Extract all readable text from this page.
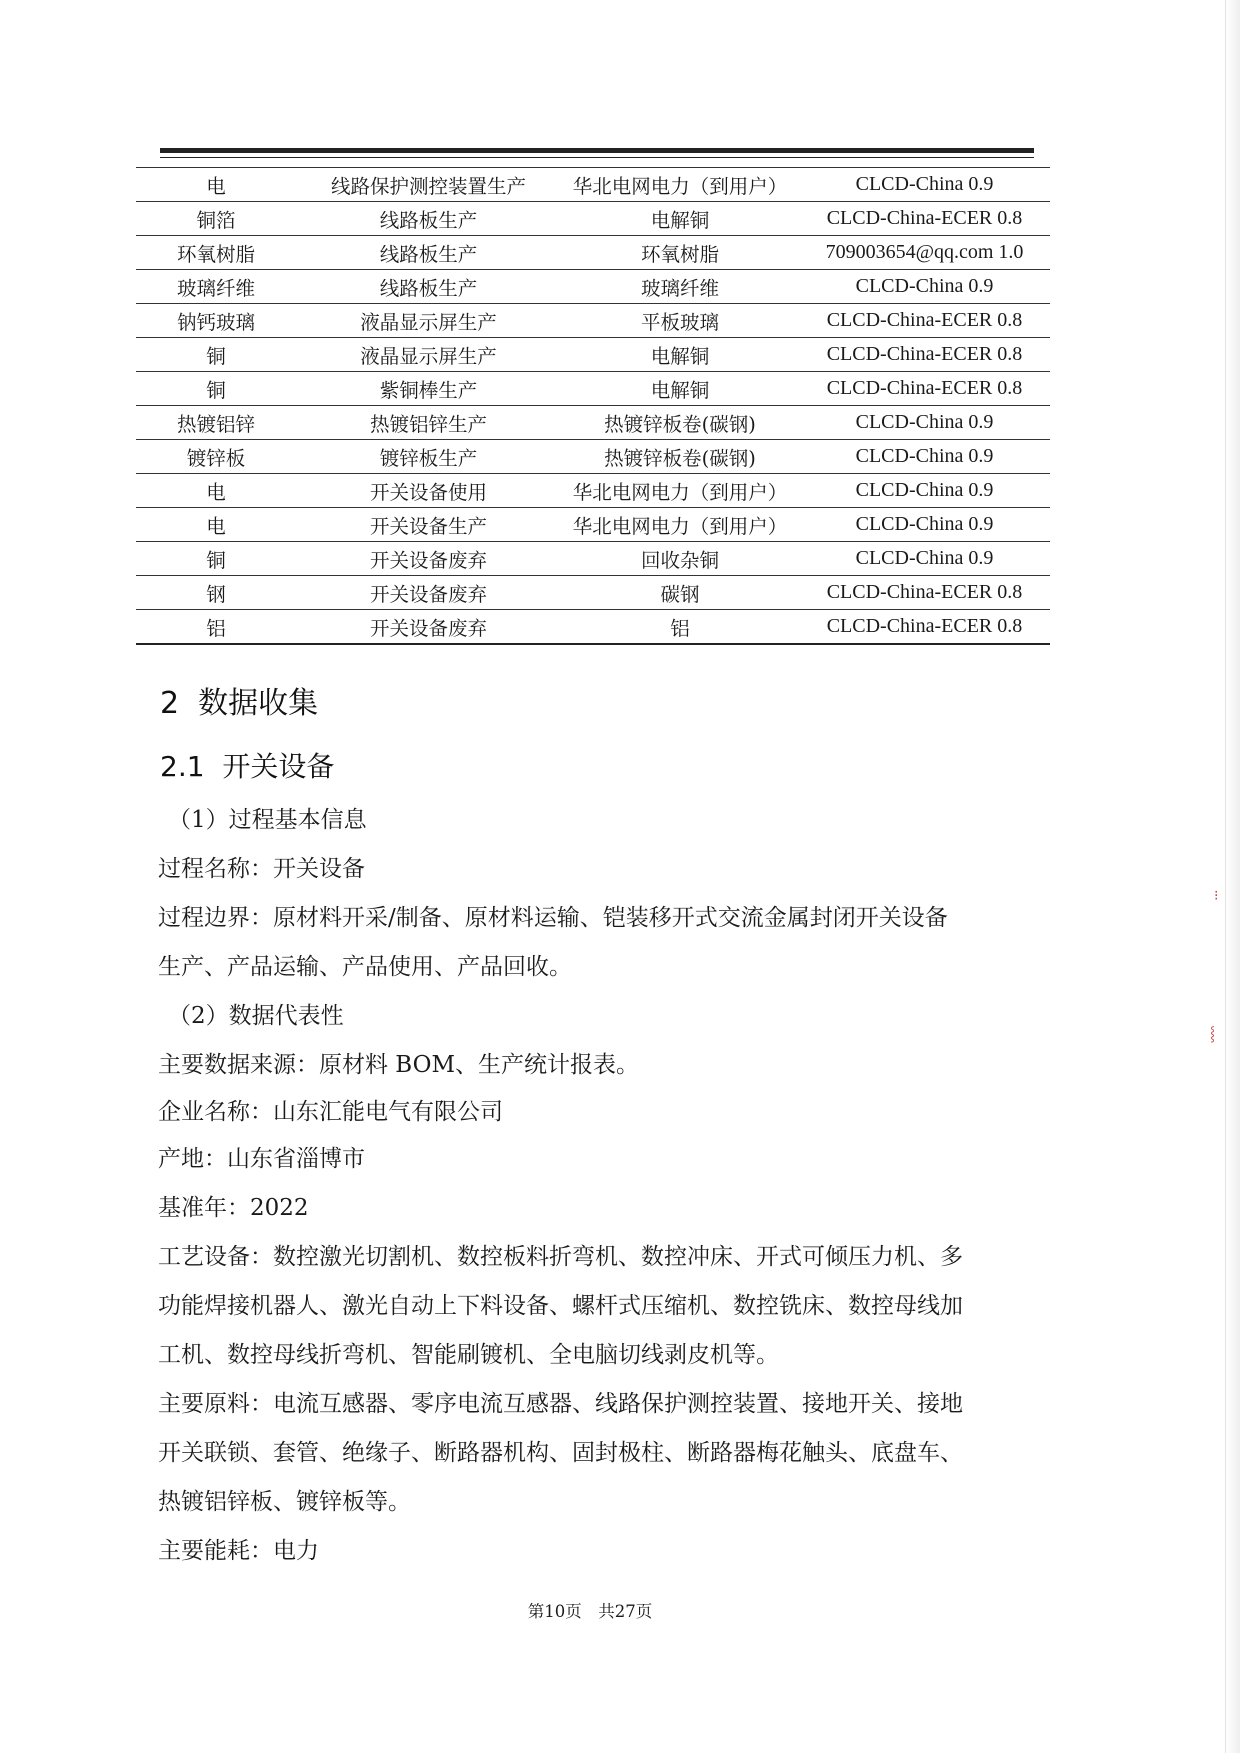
电	线路保护测控装置生产	华北电网电力（到用户）	CLCD-China 0.9
铜箔	线路板生产	电解铜	CLCD-China-ECER 0.8
环氧树脂	线路板生产	环氧树脂	709003654@qq.com 1.0
玻璃纤维	线路板生产	玻璃纤维	CLCD-China 0.9
钠钙玻璃	液晶显示屏生产	平板玻璃	CLCD-China-ECER 0.8
铜	液晶显示屏生产	电解铜	CLCD-China-ECER 0.8
铜	紫铜棒生产	电解铜	CLCD-China-ECER 0.8
热镀铝锌	热镀铝锌生产	热镀锌板卷(碳钢)	CLCD-China 0.9
镀锌板	镀锌板生产	热镀锌板卷(碳钢)	CLCD-China 0.9
电	开关设备使用	华北电网电力（到用户）	CLCD-China 0.9
电	开关设备生产	华北电网电力（到用户）	CLCD-China 0.9
铜	开关设备废弃	回收杂铜	CLCD-China 0.9
钢	开关设备废弃	碳钢	CLCD-China-ECER 0.8
铝	开关设备废弃	铝	CLCD-China-ECER 0.8
2 数据收集
2.1 开关设备
（1）过程基本信息
过程名称：开关设备
过程边界：原材料开采/制备、原材料运输、铠装移开式交流金属封闭开关设备
生产、产品运输、产品使用、产品回收。
（2）数据代表性
主要数据来源：原材料 BOM、生产统计报表。
企业名称：山东汇能电气有限公司
产地：山东省淄博市
基准年：2022
工艺设备：数控激光切割机、数控板料折弯机、数控冲床、开式可倾压力机、多
功能焊接机器人、激光自动上下料设备、螺杆式压缩机、数控铣床、数控母线加
工机、数控母线折弯机、智能刷镀机、全电脑切线剥皮机等。
主要原料：电流互感器、零序电流互感器、线路保护测控装置、接地开关、接地
开关联锁、套管、绝缘子、断路器机构、固封极柱、断路器梅花触头、底盘车、
热镀铝锌板、镀锌板等。
主要能耗：电力
第10页　共27页
⁝
⸾
